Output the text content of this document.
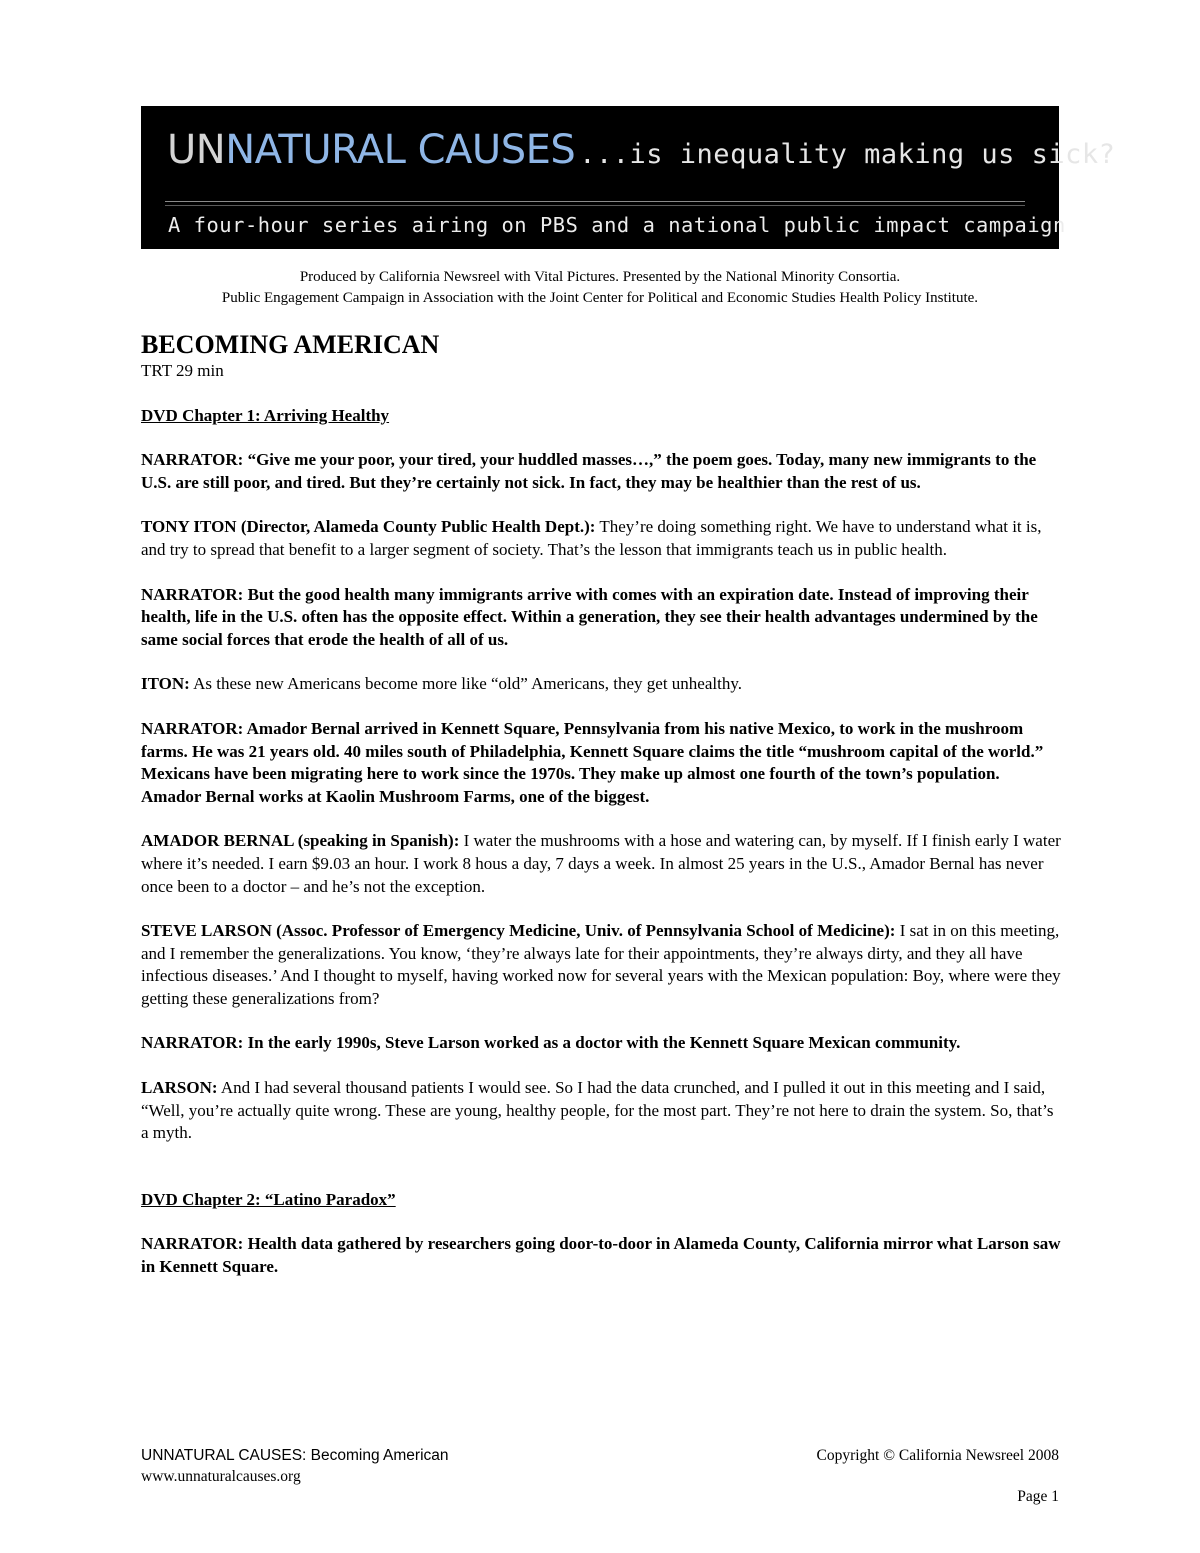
UNNATURAL CAUSES ...is inequality making us sick?
A four-hour series airing on PBS and a national public impact campaign
Produced by California Newsreel with Vital Pictures. Presented by the National Minority Consortia.
Public Engagement Campaign in Association with the Joint Center for Political and Economic Studies Health Policy Institute.
BECOMING AMERICAN
TRT 29 min
DVD Chapter 1: Arriving Healthy
NARRATOR: “Give me your poor, your tired, your huddled masses…,” the poem goes. Today, many new immigrants to the U.S. are still poor, and tired. But they’re certainly not sick. In fact, they may be healthier than the rest of us.
TONY ITON (Director, Alameda County Public Health Dept.): They’re doing something right. We have to understand what it is, and try to spread that benefit to a larger segment of society. That’s the lesson that immigrants teach us in public health.
NARRATOR: But the good health many immigrants arrive with comes with an expiration date. Instead of improving their health, life in the U.S. often has the opposite effect. Within a generation, they see their health advantages undermined by the same social forces that erode the health of all of us.
ITON: As these new Americans become more like “old” Americans, they get unhealthy.
NARRATOR: Amador Bernal arrived in Kennett Square, Pennsylvania from his native Mexico, to work in the mushroom farms. He was 21 years old. 40 miles south of Philadelphia, Kennett Square claims the title “mushroom capital of the world.” Mexicans have been migrating here to work since the 1970s. They make up almost one fourth of the town’s population. Amador Bernal works at Kaolin Mushroom Farms, one of the biggest.
AMADOR BERNAL (speaking in Spanish): I water the mushrooms with a hose and watering can, by myself. If I finish early I water where it’s needed. I earn $9.03 an hour. I work 8 hous a day, 7 days a week. In almost 25 years in the U.S., Amador Bernal has never once been to a doctor – and he’s not the exception.
STEVE LARSON (Assoc. Professor of Emergency Medicine, Univ. of Pennsylvania School of Medicine): I sat in on this meeting, and I remember the generalizations. You know, ‘they’re always late for their appointments, they’re always dirty, and they all have infectious diseases.’ And I thought to myself, having worked now for several years with the Mexican population: Boy, where were they getting these generalizations from?
NARRATOR: In the early 1990s, Steve Larson worked as a doctor with the Kennett Square Mexican community.
LARSON: And I had several thousand patients I would see. So I had the data crunched, and I pulled it out in this meeting and I said, “Well, you’re actually quite wrong. These are young, healthy people, for the most part. They’re not here to drain the system. So, that’s a myth.
DVD Chapter 2: “Latino Paradox”
NARRATOR: Health data gathered by researchers going door-to-door in Alameda County, California mirror what Larson saw in Kennett Square.
UNNATURAL CAUSES: Becoming American
www.unnaturalcauses.org
Copyright © California Newsreel 2008
Page 1
